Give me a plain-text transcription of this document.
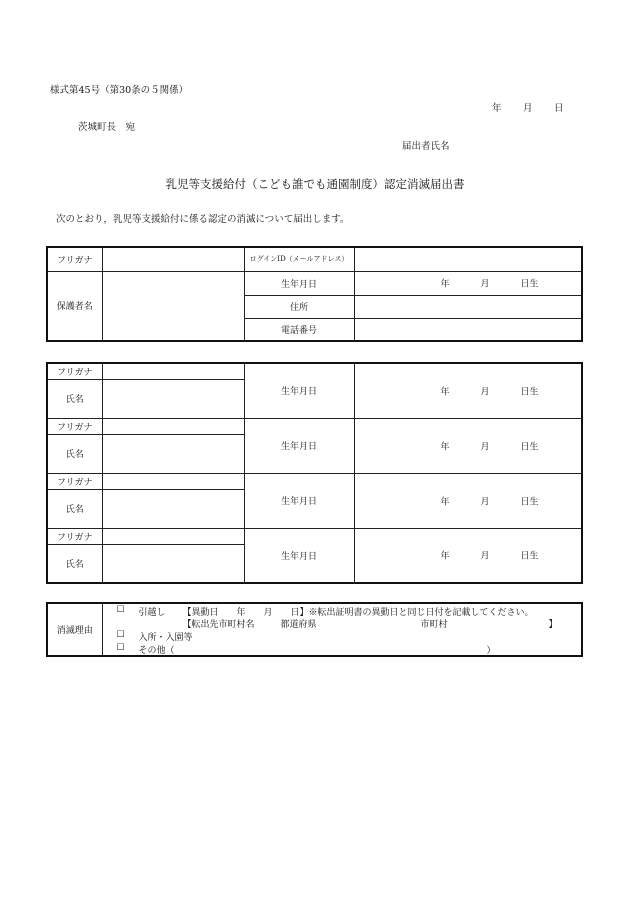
様式第45号（第30条の５関係）
年 月 日
茨城町長　宛
届出者氏名
乳児等支援給付（こども誰でも通園制度）認定消滅届出書
次のとおり，乳児等支援給付に係る認定の消滅について届出します。
フリガナ		ログインID（メールアドレス）	
保護者名		生年月日	年 月 日生

		住所	
		電話番号	
フリガナ		生年月日	年 月 日生

氏名			
フリガナ		生年月日	年 月 日生

氏名			
フリガナ		生年月日	年 月 日生

氏名			
フリガナ		生年月日	年 月 日生

氏名			
消滅理由	
☐ 引越し 【異動日　　年　　月　　日】※転出証明書の異動日と同じ日付を記載してください。
【転出先市町村名	都道府県	市町村	】
☐ 入所・入園等
☐ その他（	）
